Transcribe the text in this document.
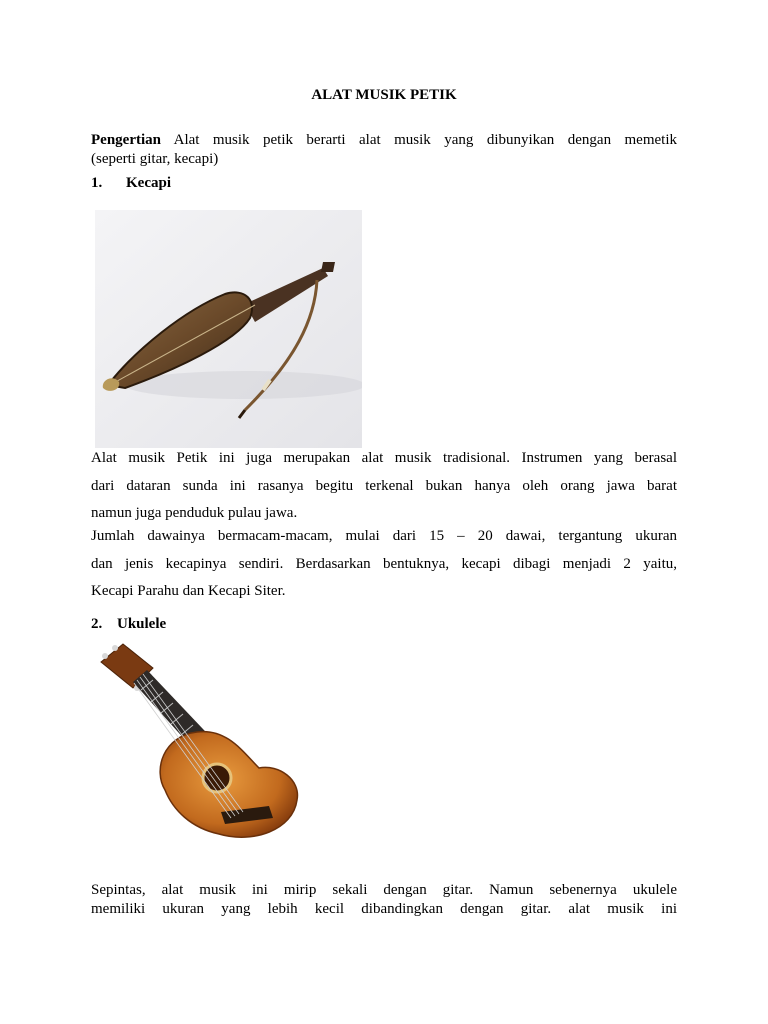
ALAT MUSIK PETIK
Pengertian Alat musik petik berarti alat musik yang dibunyikan dengan memetik
(seperti gitar, kecapi)
1. Kecapi
Alat musik Petik ini juga merupakan alat musik tradisional. Instrumen yang berasal
dari dataran sunda ini rasanya begitu terkenal bukan hanya oleh orang jawa barat
namun juga penduduk pulau jawa.
Jumlah dawainya bermacam-macam, mulai dari 15 – 20 dawai, tergantung ukuran
dan jenis kecapinya sendiri. Berdasarkan bentuknya, kecapi dibagi menjadi 2 yaitu,
Kecapi Parahu dan Kecapi Siter.
2. Ukulele
Sepintas, alat musik ini mirip sekali dengan gitar. Namun sebenernya ukulele
memiliki ukuran yang lebih kecil dibandingkan dengan gitar. alat musik ini
